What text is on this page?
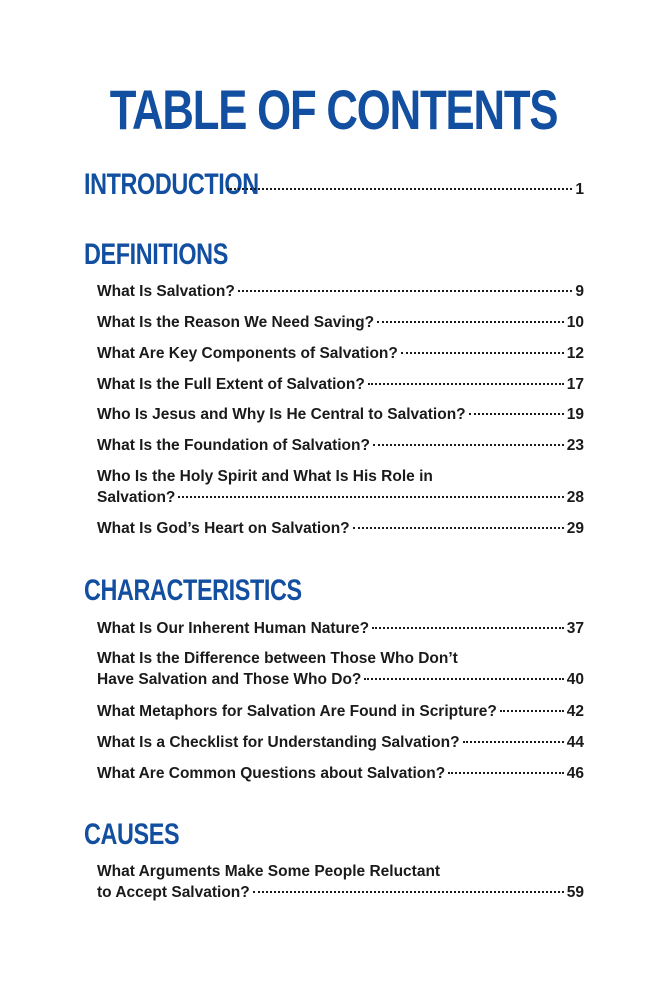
TABLE OF CONTENTS
INTRODUCTION	1
DEFINITIONS
What Is Salvation?	9
What Is the Reason We Need Saving?	10
What Are Key Components of Salvation?	12
What Is the Full Extent of Salvation?	17
Who Is Jesus and Why Is He Central to Salvation?	19
What Is the Foundation of Salvation?	23
Who Is the Holy Spirit and What Is His Role in
Salvation?	28
What Is God’s Heart on Salvation?	29
CHARACTERISTICS
What Is Our Inherent Human Nature?	37
What Is the Difference between Those Who Don’t
Have Salvation and Those Who Do?	40
What Metaphors for Salvation Are Found in Scripture?	42
What Is a Checklist for Understanding Salvation?	44
What Are Common Questions about Salvation?	46
CAUSES
What Arguments Make Some People Reluctant
to Accept Salvation?	59
